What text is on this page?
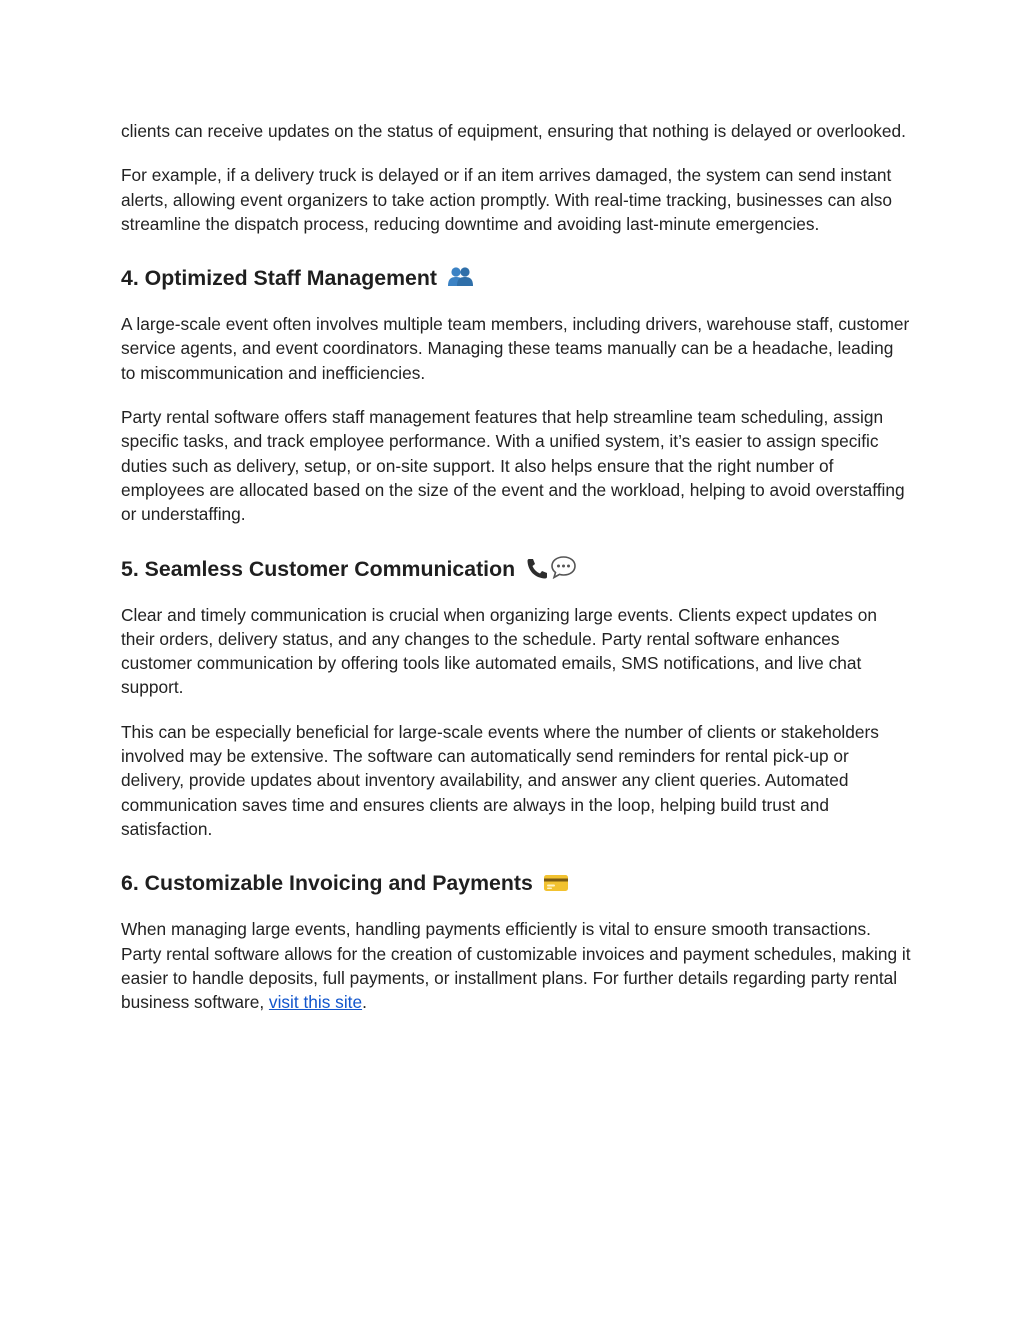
clients can receive updates on the status of equipment, ensuring that nothing is delayed or overlooked.

For example, if a delivery truck is delayed or if an item arrives damaged, the system can send instant alerts, allowing event organizers to take action promptly. With real-time tracking, businesses can also streamline the dispatch process, reducing downtime and avoiding last-minute emergencies.

4. Optimized Staff Management

A large-scale event often involves multiple team members, including drivers, warehouse staff, customer service agents, and event coordinators. Managing these teams manually can be a headache, leading to miscommunication and inefficiencies.

Party rental software offers staff management features that help streamline team scheduling, assign specific tasks, and track employee performance. With a unified system, it’s easier to assign specific duties such as delivery, setup, or on-site support. It also helps ensure that the right number of employees are allocated based on the size of the event and the workload, helping to avoid overstaffing or understaffing.

5. Seamless Customer Communication

Clear and timely communication is crucial when organizing large events. Clients expect updates on their orders, delivery status, and any changes to the schedule. Party rental software enhances customer communication by offering tools like automated emails, SMS notifications, and live chat support.

This can be especially beneficial for large-scale events where the number of clients or stakeholders involved may be extensive. The software can automatically send reminders for rental pick-up or delivery, provide updates about inventory availability, and answer any client queries. Automated communication saves time and ensures clients are always in the loop, helping build trust and satisfaction.

6. Customizable Invoicing and Payments

When managing large events, handling payments efficiently is vital to ensure smooth transactions. Party rental software allows for the creation of customizable invoices and payment schedules, making it easier to handle deposits, full payments, or installment plans. For further details regarding party rental business software, visit this site.
